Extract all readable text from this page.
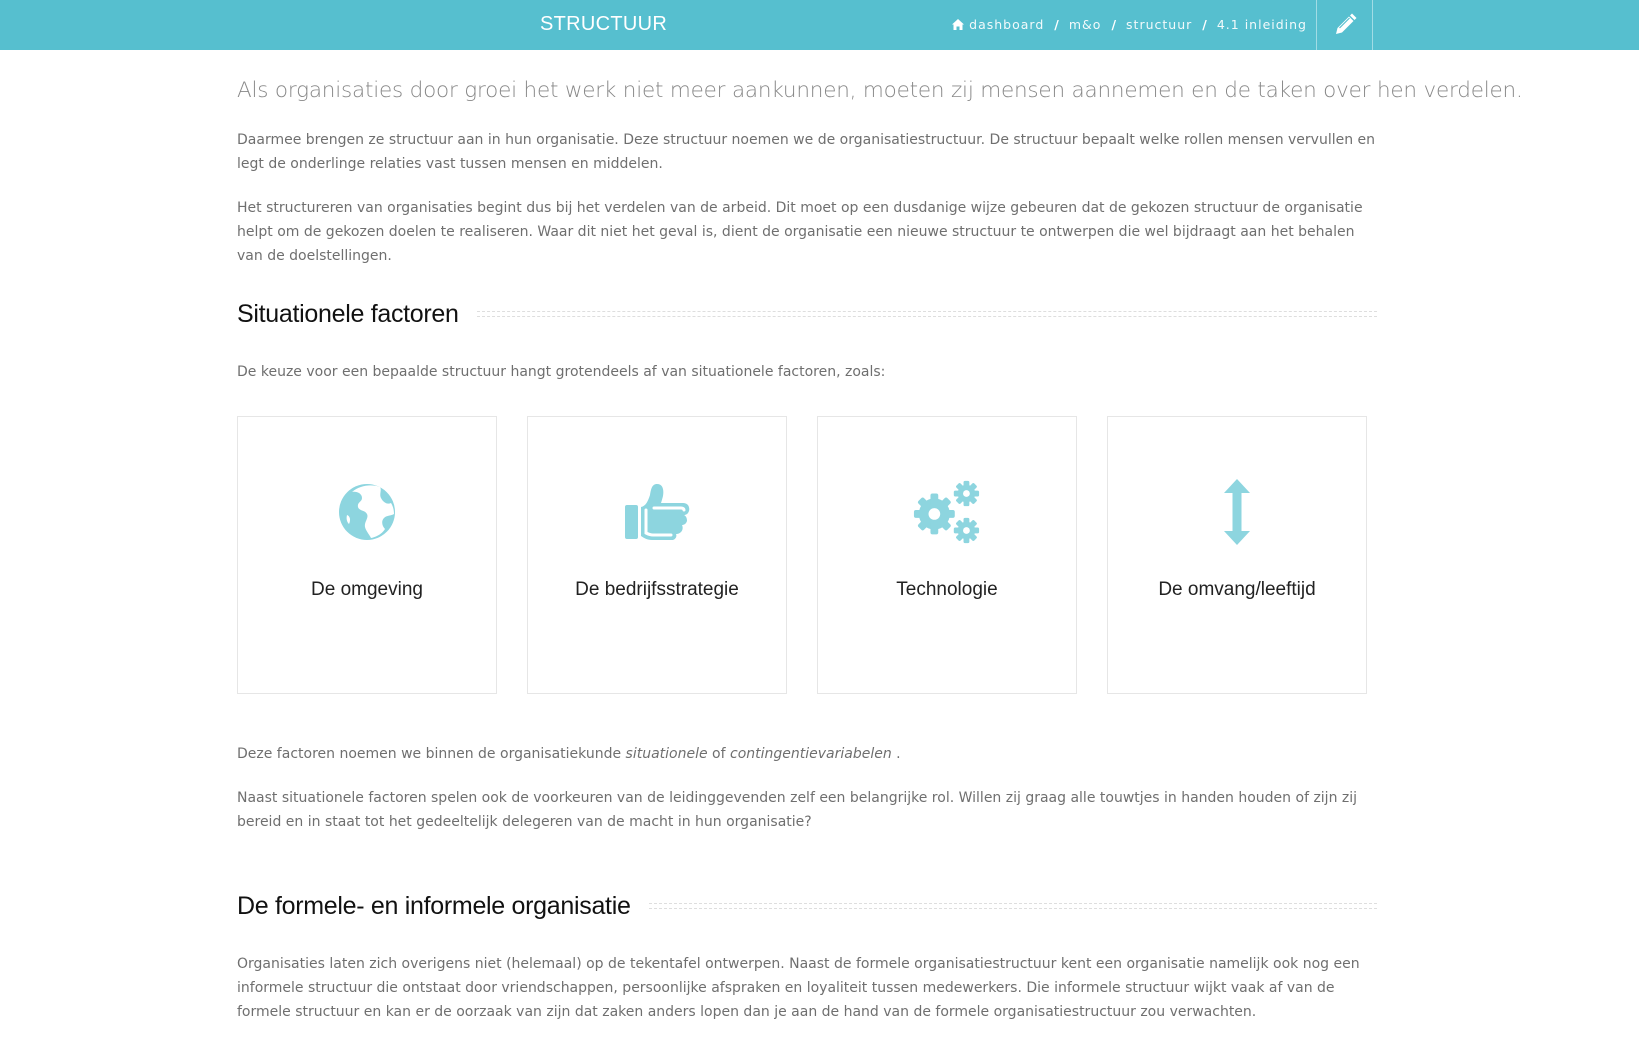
STRUCTUUR	dashboard / m&o / structuur / 4.1 inleiding

Als organisaties door groei het werk niet meer aankunnen, moeten zij mensen aannemen en de taken over hen verdelen.

Daarmee brengen ze structuur aan in hun organisatie. Deze structuur noemen we de organisatiestructuur. De structuur bepaalt welke rollen mensen vervullen en legt de onderlinge relaties vast tussen mensen en middelen.

Het structureren van organisaties begint dus bij het verdelen van de arbeid. Dit moet op een dusdanige wijze gebeuren dat de gekozen structuur de organisatie helpt om de gekozen doelen te realiseren. Waar dit niet het geval is, dient de organisatie een nieuwe structuur te ontwerpen die wel bijdraagt aan het behalen van de doelstellingen.

Situationele factoren

De keuze voor een bepaalde structuur hangt grotendeels af van situationele factoren, zoals:

De omgeving	De bedrijfsstrategie	Technologie	De omvang/leeftijd

Deze factoren noemen we binnen de organisatiekunde situationele of contingentievariabelen .

Naast situationele factoren spelen ook de voorkeuren van de leidinggevenden zelf een belangrijke rol. Willen zij graag alle touwtjes in handen houden of zijn zij bereid en in staat tot het gedeeltelijk delegeren van de macht in hun organisatie?

De formele- en informele organisatie

Organisaties laten zich overigens niet (helemaal) op de tekentafel ontwerpen. Naast de formele organisatiestructuur kent een organisatie namelijk ook nog een informele structuur die ontstaat door vriendschappen, persoonlijke afspraken en loyaliteit tussen medewerkers. Die informele structuur wijkt vaak af van de formele structuur en kan er de oorzaak van zijn dat zaken anders lopen dan je aan de hand van de formele organisatiestructuur zou verwachten.
